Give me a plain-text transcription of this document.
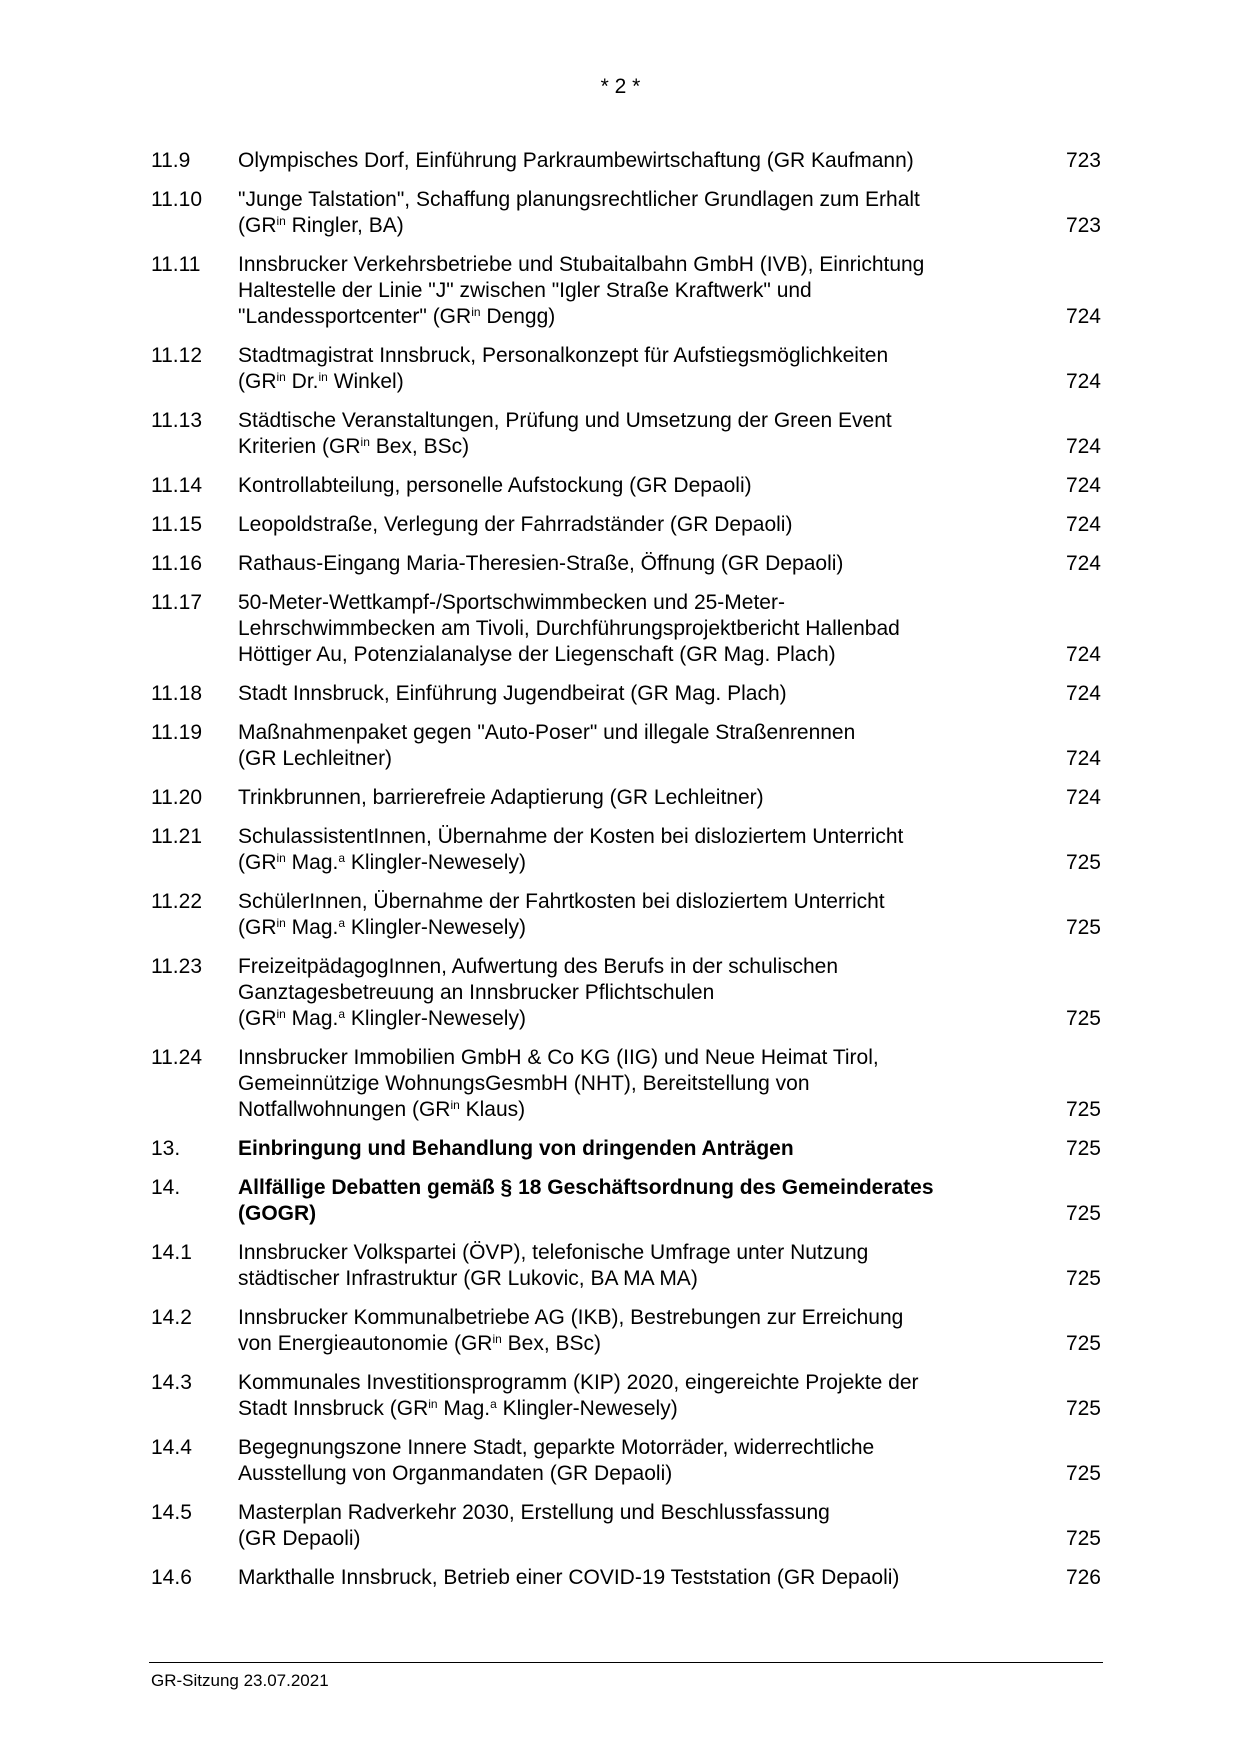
* 2 *
11.9	Olympisches Dorf, Einführung Parkraumbewirtschaftung (GR Kaufmann)	723
11.10	"Junge Talstation", Schaffung planungsrechtlicher Grundlagen zum Erhalt
($GR^{in}$ Ringler, BA)	723
11.11	Innsbrucker Verkehrsbetriebe und Stubaitalbahn GmbH (IVB), Einrichtung
Haltestelle der Linie "J" zwischen "Igler Straße Kraftwerk" und
"Landessportcenter" ($GR^{in}$ Dengg)	724
11.12	Stadtmagistrat Innsbruck, Personalkonzept für Aufstiegsmöglichkeiten
($GR^{in}$ Dr.$^{in}$ Winkel)	724
11.13	Städtische Veranstaltungen, Prüfung und Umsetzung der Green Event
Kriterien ($GR^{in}$ Bex, BSc)	724
11.14	Kontrollabteilung, personelle Aufstockung (GR Depaoli)	724
11.15	Leopoldstraße, Verlegung der Fahrradständer (GR Depaoli)	724
11.16	Rathaus-Eingang Maria-Theresien-Straße, Öffnung (GR Depaoli)	724
11.17	50-Meter-Wettkampf-/Sportschwimmbecken und 25-Meter-
Lehrschwimmbecken am Tivoli, Durchführungsprojektbericht Hallenbad
Höttiger Au, Potenzialanalyse der Liegenschaft (GR Mag. Plach)	724
11.18	Stadt Innsbruck, Einführung Jugendbeirat (GR Mag. Plach)	724
11.19	Maßnahmenpaket gegen "Auto-Poser" und illegale Straßenrennen
(GR Lechleitner)	724
11.20	Trinkbrunnen, barrierefreie Adaptierung (GR Lechleitner)	724
11.21	SchulassistentInnen, Übernahme der Kosten bei disloziertem Unterricht
($GR^{in}$ Mag.$^a$ Klingler-Newesely)	725
11.22	SchülerInnen, Übernahme der Fahrtkosten bei disloziertem Unterricht
($GR^{in}$ Mag.$^a$ Klingler-Newesely)	725
11.23	FreizeitpädagogInnen, Aufwertung des Berufs in der schulischen
Ganztagesbetreuung an Innsbrucker Pflichtschulen
($GR^{in}$ Mag.$^a$ Klingler-Newesely)	725
11.24	Innsbrucker Immobilien GmbH & Co KG (IIG) und Neue Heimat Tirol,
Gemeinnützige WohnungsGesmbH (NHT), Bereitstellung von
Notfallwohnungen ($GR^{in}$ Klaus)	725
13.	Einbringung und Behandlung von dringenden Anträgen	725
14.	Allfällige Debatten gemäß § 18 Geschäftsordnung des Gemeinderates
(GOGR)	725
14.1	Innsbrucker Volkspartei (ÖVP), telefonische Umfrage unter Nutzung
städtischer Infrastruktur (GR Lukovic, BA MA MA)	725
14.2	Innsbrucker Kommunalbetriebe AG (IKB), Bestrebungen zur Erreichung
von Energieautonomie ($GR^{in}$ Bex, BSc)	725
14.3	Kommunales Investitionsprogramm (KIP) 2020, eingereichte Projekte der
Stadt Innsbruck ($GR^{in}$ Mag.$^a$ Klingler-Newesely)	725
14.4	Begegnungszone Innere Stadt, geparkte Motorräder, widerrechtliche
Ausstellung von Organmandaten (GR Depaoli)	725
14.5	Masterplan Radverkehr 2030, Erstellung und Beschlussfassung
(GR Depaoli)	725
14.6	Markthalle Innsbruck, Betrieb einer COVID-19 Teststation (GR Depaoli)	726
GR-Sitzung 23.07.2021
